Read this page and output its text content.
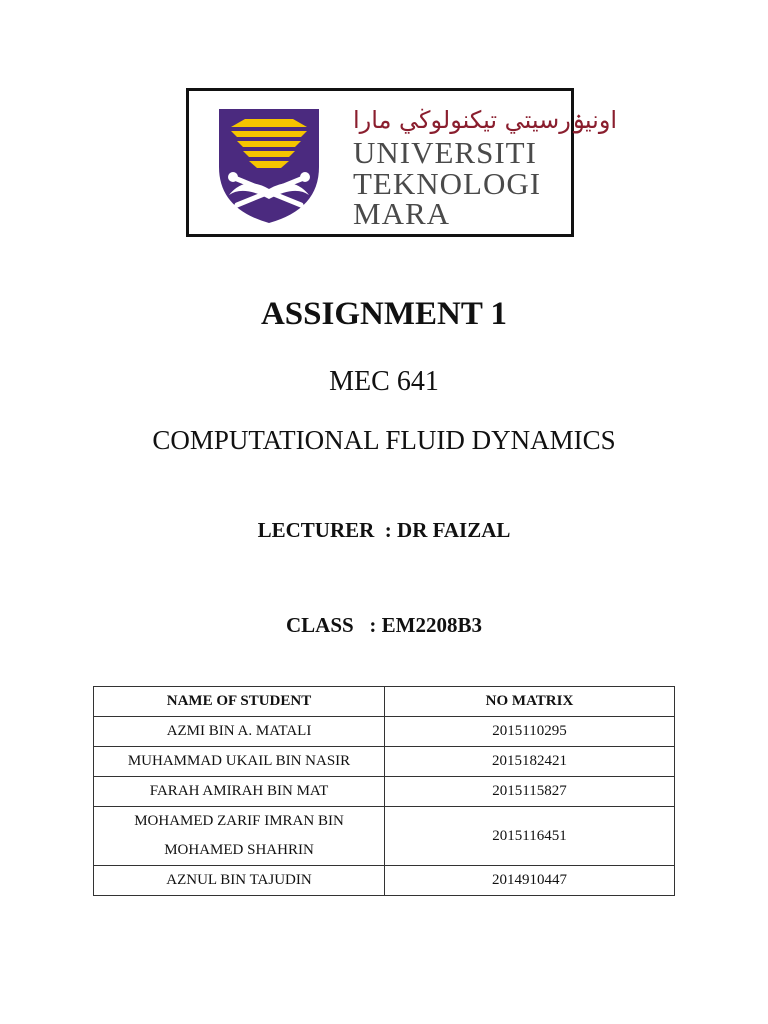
اونيۏرسيتي تيكنولوڬي مارا
UNIVERSITI
TEKNOLOGI
MARA
ASSIGNMENT 1
MEC 641
COMPUTATIONAL FLUID DYNAMICS
LECTURER  : DR FAIZAL
CLASS   : EM2208B3
NAME OF STUDENT	NO MATRIX
AZMI BIN A. MATALI	2015110295
MUHAMMAD UKAIL BIN NASIR	2015182421
FARAH AMIRAH BIN MAT	2015115827

MOHAMED ZARIF IMRAN BIN
MOHAMED SHAHRIN	2015116451
AZNUL BIN TAJUDIN	2014910447
